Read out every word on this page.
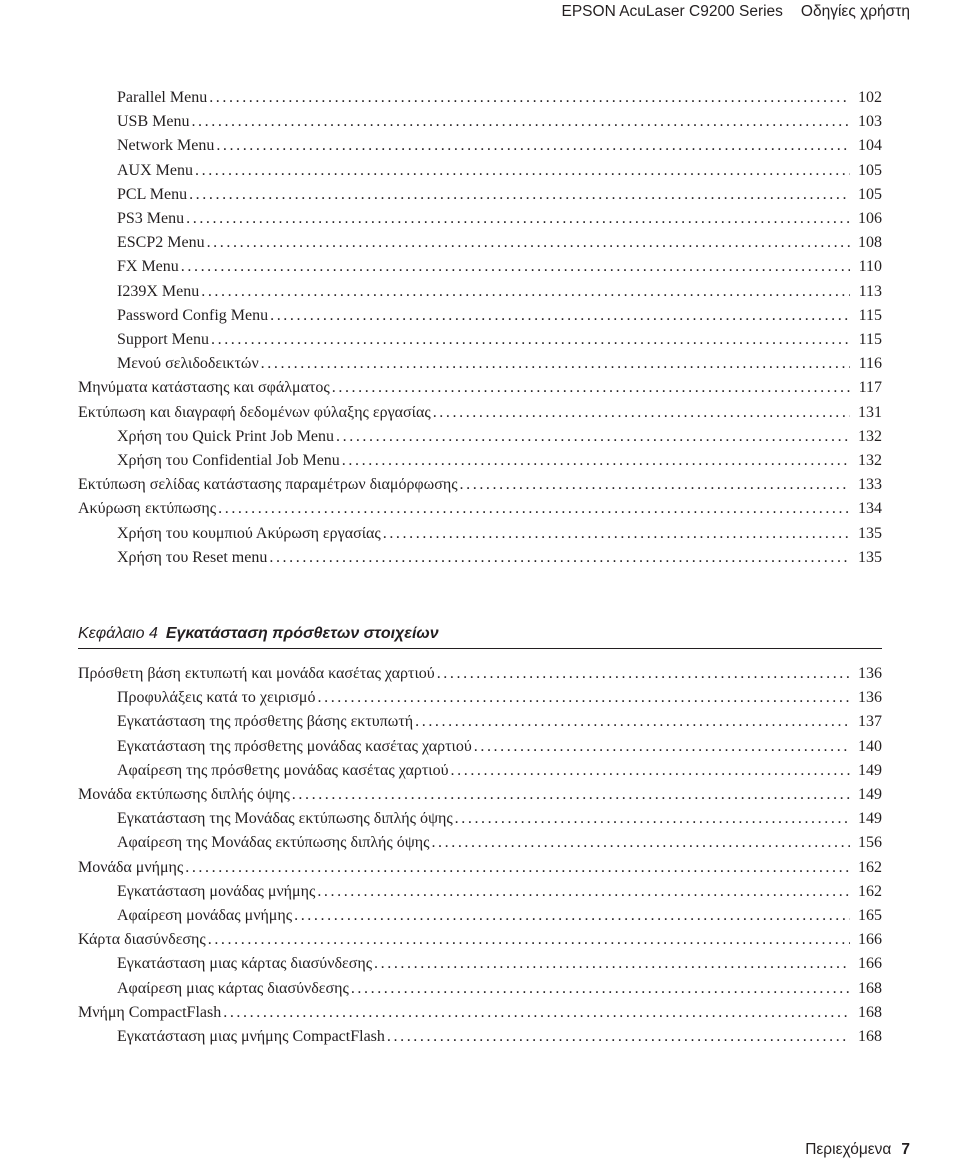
EPSON AcuLaser C9200 Series Οδηγίες χρήστη
Parallel Menu .....	102
USB Menu .....	103
Network Menu .....	104
AUX Menu .....	105
PCL Menu .....	105
PS3 Menu .....	106
ESCP2 Menu .....	108
FX Menu .....	110
I239X Menu .....	113
Password Config Menu .....	115
Support Menu .....	115
Μενού σελιδοδεικτών .....	116
Μηνύματα κατάστασης και σφάλματος .....	117
Εκτύπωση και διαγραφή δεδομένων φύλαξης εργασίας .....	131
Χρήση του Quick Print Job Menu .....	132
Χρήση του Confidential Job Menu .....	132
Εκτύπωση σελίδας κατάστασης παραμέτρων διαμόρφωσης .....	133
Ακύρωση εκτύπωσης .....	134
Χρήση του κουμπιού Ακύρωση εργασίας .....	135
Χρήση του Reset menu .....	135
Πρόσθετη βάση εκτυπωτή και μονάδα κασέτας χαρτιού .....	136
Προφυλάξεις κατά το χειρισμό .....	136
Εγκατάσταση της πρόσθετης βάσης εκτυπωτή .....	137
Εγκατάσταση της πρόσθετης μονάδας κασέτας χαρτιού .....	140
Αφαίρεση της πρόσθετης μονάδας κασέτας χαρτιού .....	149
Μονάδα εκτύπωσης διπλής όψης .....	149
Εγκατάσταση της Μονάδας εκτύπωσης διπλής όψης .....	149
Αφαίρεση της Μονάδας εκτύπωσης διπλής όψης .....	156
Μονάδα μνήμης .....	162
Εγκατάσταση μονάδας μνήμης .....	162
Αφαίρεση μονάδας μνήμης .....	165
Κάρτα διασύνδεσης .....	166
Εγκατάσταση μιας κάρτας διασύνδεσης .....	166
Αφαίρεση μιας κάρτας διασύνδεσης .....	168
Μνήμη CompactFlash .....	168
Εγκατάσταση μιας μνήμης CompactFlash .....	168
Κεφάλαιο 4 Εγκατάσταση πρόσθετων στοιχείων
Περιεχόμενα 7
